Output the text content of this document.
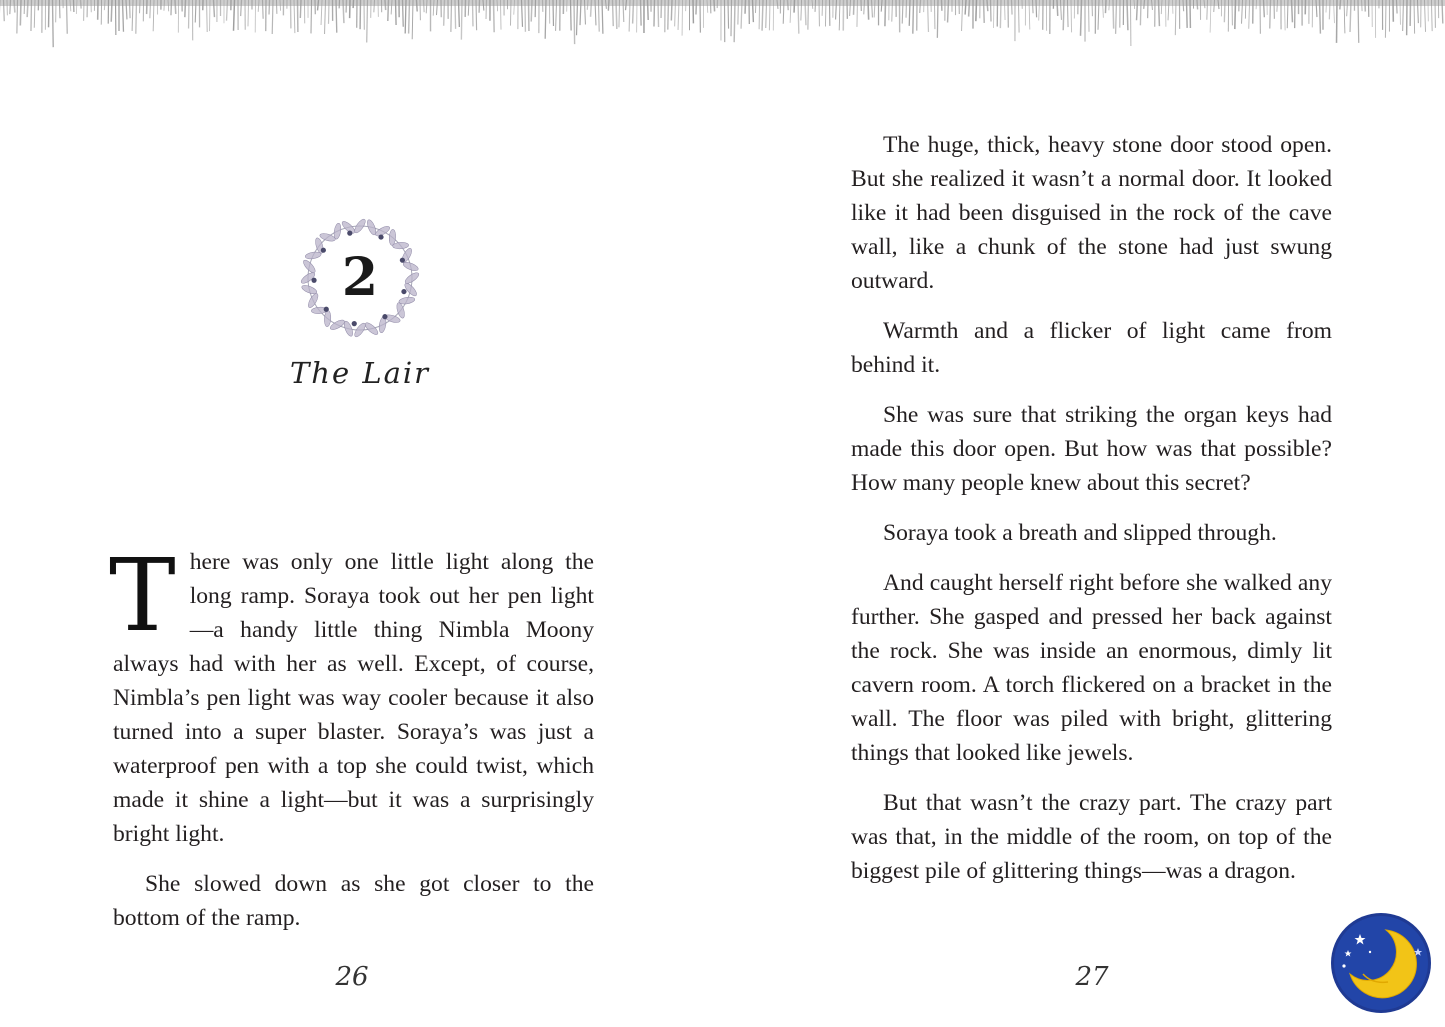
2
The Lair

There was only one little light along the long ramp. Soraya took out her pen light—a handy little thing Nimbla Moony always had with her as well. Except, of course, Nimbla’s pen light was way cooler because it also turned into a super blaster. Soraya’s was just a waterproof pen with a top she could twist, which made it shine a light—but it was a surprisingly bright light.

She slowed down as she got closer to the bottom of the ramp.

26

The huge, thick, heavy stone door stood open. But she realized it wasn’t a normal door. It looked like it had been disguised in the rock of the cave wall, like a chunk of the stone had just swung outward.

Warmth and a flicker of light came from behind it.

She was sure that striking the organ keys had made this door open. But how was that possible? How many people knew about this secret?

Soraya took a breath and slipped through.

And caught herself right before she walked any further. She gasped and pressed her back against the rock. She was inside an enormous, dimly lit cavern room. A torch flickered on a bracket in the wall. The floor was piled with bright, glittering things that looked like jewels.

But that wasn’t the crazy part. The crazy part was that, in the middle of the room, on top of the biggest pile of glittering things—was a dragon.

27
